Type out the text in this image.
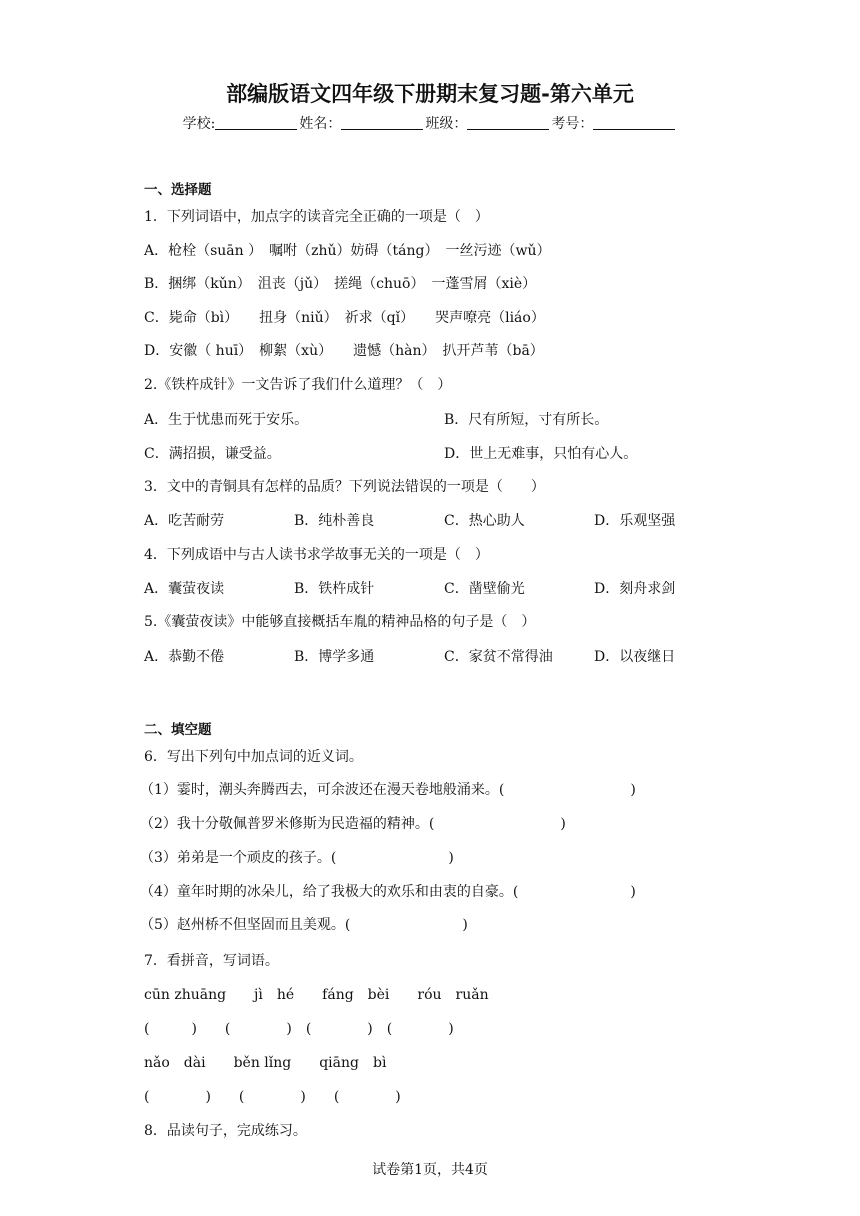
部编版语文四年级下册期末复习题-第六单元
学校:	姓名：	班级：	考号：
一、选择题
1．下列词语中，加点字的读音完全正确的一项是（　）
A．枪栓（suān ）　嘱咐（zhǔ）妨碍（táng）　一丝污迹（wǔ）
B．捆绑（kǔn）　沮丧（jǔ）　搓绳（chuō）　一蓬雪屑（xiè）
C．毙命（bì）　　扭身（niǔ）　祈求（qǐ）　　哭声嘹亮（liáo）
D．安徽（ huī）　柳絮（xù）　　遗憾（hàn）　扒开芦苇（bā）
2.《铁杵成针》一文告诉了我们什么道理？（　）
A．生于忧患而死于安乐。	B．尺有所短，寸有所长。
C．满招损，谦受益。	D．世上无难事，只怕有心人。
3．文中的青铜具有怎样的品质？下列说法错误的一项是（　　）
A．吃苦耐劳	B．纯朴善良	C．热心助人	D．乐观坚强
4．下列成语中与古人读书求学故事无关的一项是（　）
A．囊萤夜读	B．铁杵成针	C．凿壁偷光	D．刻舟求剑
5.《囊萤夜读》中能够直接概括车胤的精神品格的句子是（　）
A．恭勤不倦	B．博学多通	C．家贫不常得油	D．以夜继日
二、填空题
6．写出下列句中加点词的近义词。
（1）霎时，潮头奔腾西去，可余波还在漫天卷地般涌来。(　　　　　　　　　)
（2）我十分敬佩普罗米修斯为民造福的精神。(　　　　　　　　　)
（3）弟弟是一个顽皮的孩子。(　　　　　　　　)
（4）童年时期的冰朵儿，给了我极大的欢乐和由衷的自豪。(　　　　　　　　)
（5）赵州桥不但坚固而且美观。(　　　　　　　　)
7．看拼音，写词语。
cūn zhuāng　　jì　hé　　fáng　bèi　　róu　ruǎn
(　　　)　　(　　　　)　(　　　　)　(　　　　)
nǎo　dài　　běn lǐng　　qiāng　bì
(　　　　)　　(　　　　)　　(　　　　)
8．品读句子，完成练习。
试卷第1页，共4页
